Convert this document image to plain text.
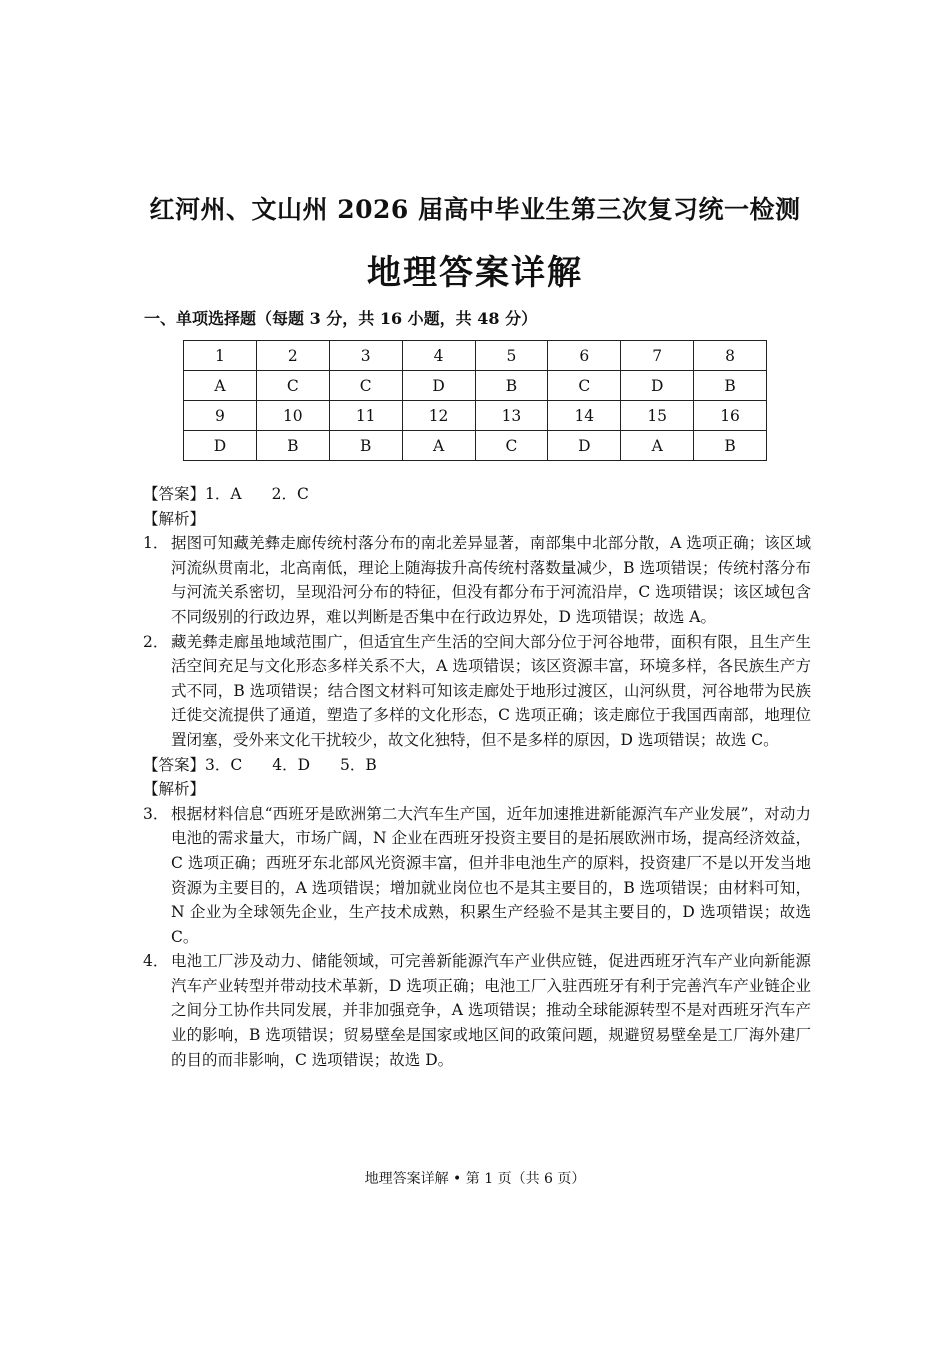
红河州、文山州 2026 届高中毕业生第三次复习统一检测
地理答案详解
一、单项选择题（每题 3 分，共 16 小题，共 48 分）
1	2	3	4	5	6	7	8
A	C	C	D	B	C	D	B
9	10	11	12	13	14	15	16
D	B	B	A	C	D	A	B
【答案】1．A 2．C
【解析】
1． 据图可知藏羌彝走廊传统村落分布的南北差异显著，南部集中北部分散，A 选项正确；该区域河流纵贯南北，北高南低，理论上随海拔升高传统村落数量减少，B 选项错误；传统村落分布与河流关系密切，呈现沿河分布的特征，但没有都分布于河流沿岸，C 选项错误；该区域包含不同级别的行政边界，难以判断是否集中在行政边界处，D 选项错误；故选 A。
2． 藏羌彝走廊虽地域范围广，但适宜生产生活的空间大部分位于河谷地带，面积有限，且生产生活空间充足与文化形态多样关系不大，A 选项错误；该区资源丰富，环境多样，各民族生产方式不同，B 选项错误；结合图文材料可知该走廊处于地形过渡区，山河纵贯，河谷地带为民族迁徙交流提供了通道，塑造了多样的文化形态，C 选项正确；该走廊位于我国西南部，地理位置闭塞，受外来文化干扰较少，故文化独特，但不是多样的原因，D 选项错误；故选 C。
【答案】3．C 4．D 5．B
【解析】
3． 根据材料信息“西班牙是欧洲第二大汽车生产国，近年加速推进新能源汽车产业发展”，对动力电池的需求量大，市场广阔，N 企业在西班牙投资主要目的是拓展欧洲市场，提高经济效益，C 选项正确；西班牙东北部风光资源丰富，但并非电池生产的原料，投资建厂不是以开发当地资源为主要目的，A 选项错误；增加就业岗位也不是其主要目的，B 选项错误；由材料可知，N 企业为全球领先企业，生产技术成熟，积累生产经验不是其主要目的，D 选项错误；故选 C。
4． 电池工厂涉及动力、储能领域，可完善新能源汽车产业供应链，促进西班牙汽车产业向新能源汽车产业转型并带动技术革新，D 选项正确；电池工厂入驻西班牙有利于完善汽车产业链企业之间分工协作共同发展，并非加强竞争，A 选项错误；推动全球能源转型不是对西班牙汽车产业的影响，B 选项错误；贸易壁垒是国家或地区间的政策问题，规避贸易壁垒是工厂海外建厂的目的而非影响，C 选项错误；故选 D。
地理答案详解 • 第 1 页（共 6 页）
